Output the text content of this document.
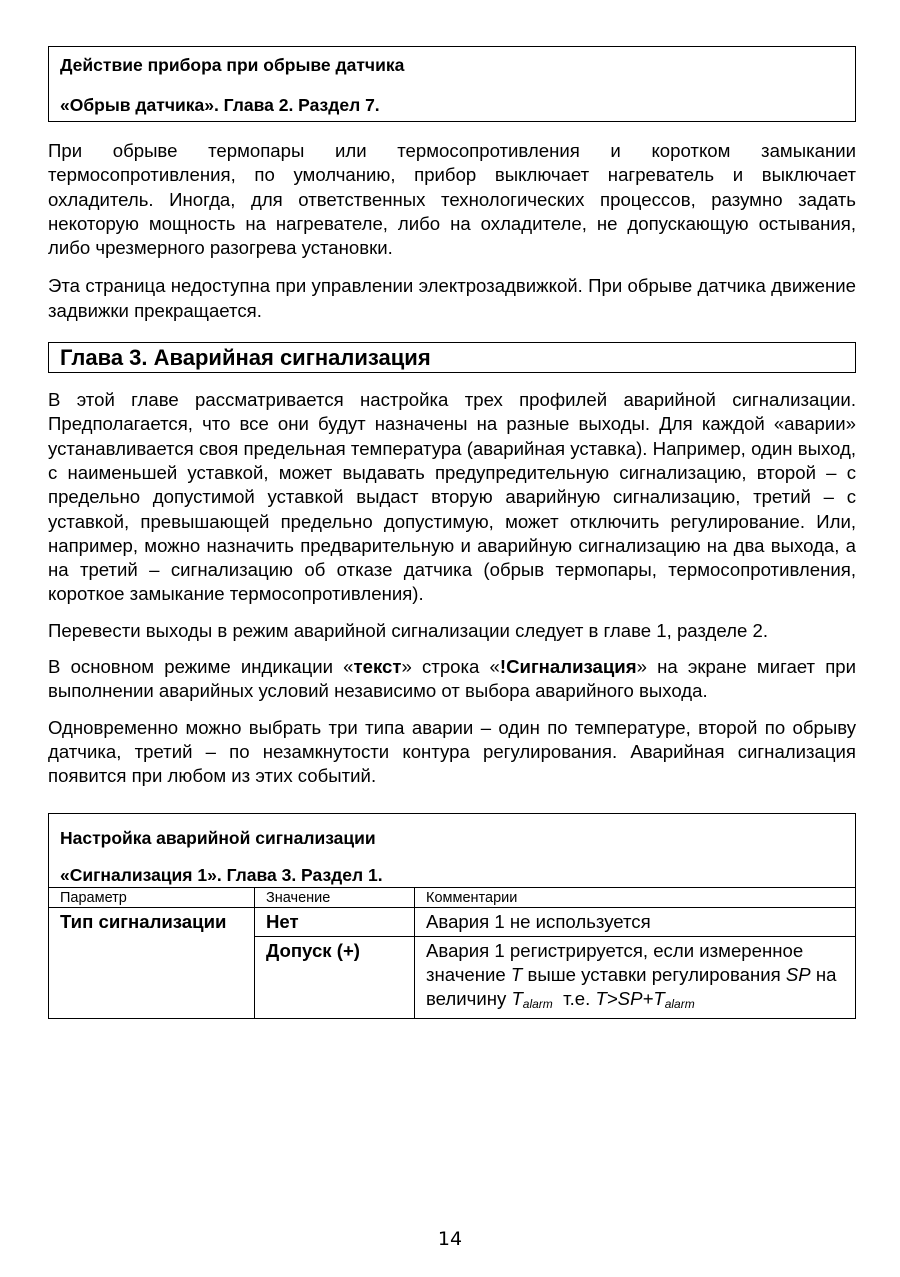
Действие прибора при обрыве датчика
«Обрыв датчика». Глава 2. Раздел 7.

При обрыве термопары или термосопротивления и коротком замыкании термосопротивления, по умолчанию, прибор выключает нагреватель и выключает охладитель. Иногда, для ответственных технологических процессов, разумно задать некоторую мощность на нагревателе, либо на охладителе, не допускающую остывания, либо чрезмерного разогрева установки.

Эта страница недоступна при управлении электрозадвижкой. При обрыве датчика движение задвижки прекращается.

Глава 3. Аварийная сигнализация

В этой главе рассматривается настройка трех профилей аварийной сигнализации. Предполагается, что все они будут назначены на разные выходы. Для каждой «аварии» устанавливается своя предельная температура (аварийная уставка). Например, один выход, с наименьшей уставкой, может выдавать предупредительную сигнализацию, второй – с предельно допустимой уставкой выдаст вторую аварийную сигнализацию, третий – с уставкой, превышающей предельно допустимую, может отключить регулирование. Или, например, можно назначить предварительную и аварийную сигнализацию на два выхода, а на третий – сигнализацию об отказе датчика (обрыв термопары, термосопротивления, короткое замыкание термосопротивления).

Перевести выходы в режим аварийной сигнализации следует в главе 1, разделе 2.

В основном режиме индикации «текст» строка «!Сигнализация» на экране мигает при выполнении аварийных условий независимо от выбора аварийного выхода.

Одновременно можно выбрать три типа аварии – один по температуре, второй по обрыву датчика, третий – по незамкнутости контура регулирования. Аварийная сигнализация появится при любом из этих событий.

Настройка аварийной сигнализации
«Сигнализация 1». Глава 3. Раздел 1.
Параметр	Значение	Комментарии
Тип сигнализации	Нет	Авария 1 не используется
	Допуск (+)	Авария 1 регистрируется, если измеренное значение T выше уставки регулирования SP на величину $T_{alarm}$  т.е. $T>SP+T_{alarm}$
14
